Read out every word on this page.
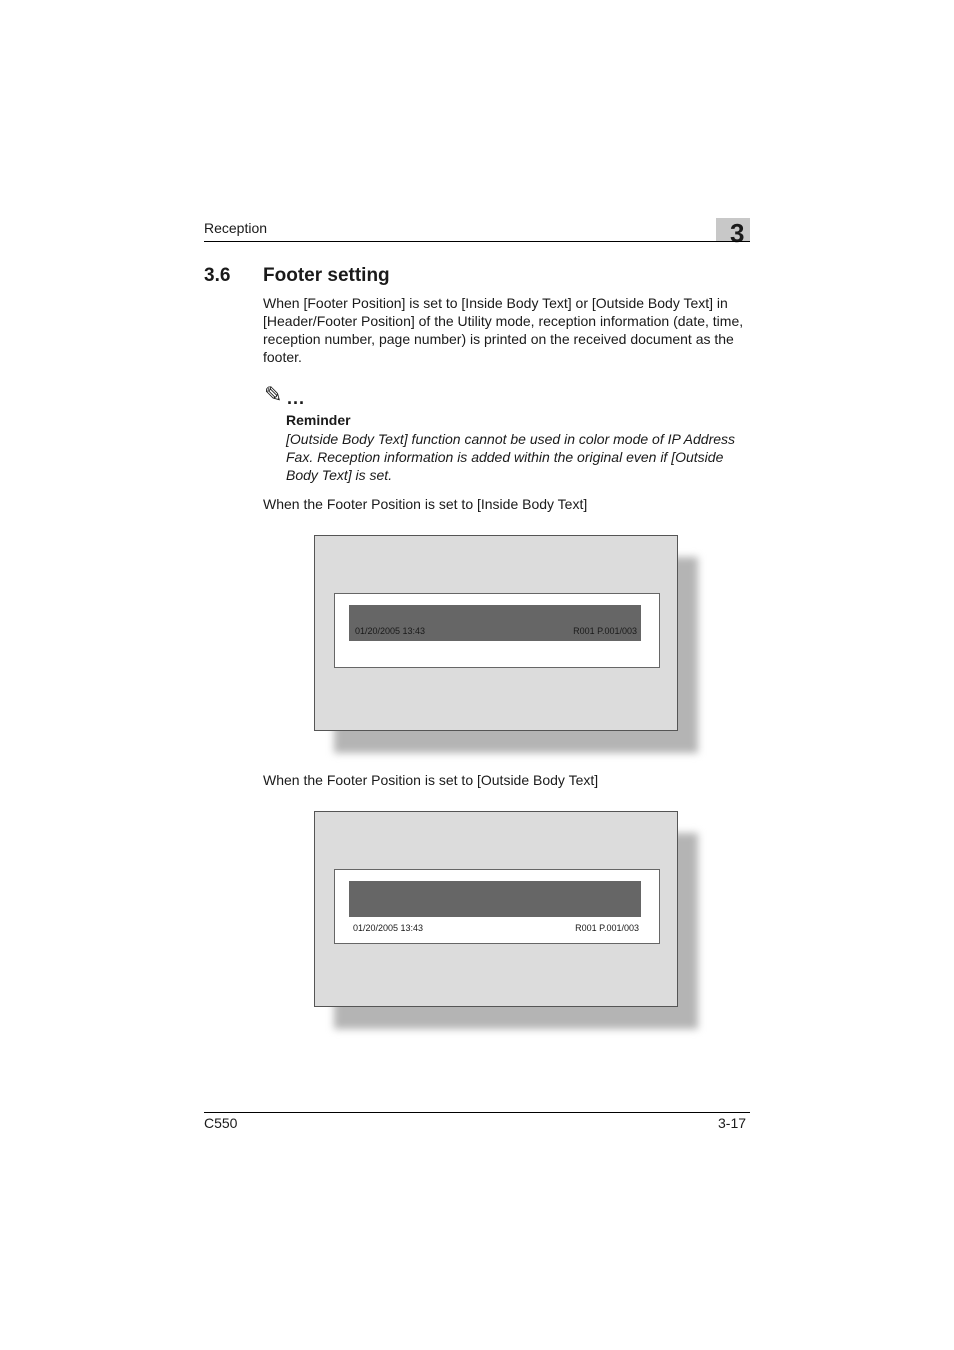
Reception	3
3.6 Footer setting

When [Footer Position] is set to [Inside Body Text] or [Outside Body Text] in [Header/Footer Position] of the Utility mode, reception information (date, time, reception number, page number) is printed on the received document as the footer.

✎ ...
Reminder

[Outside Body Text] function cannot be used in color mode of IP Address Fax. Reception information is added within the original even if [Outside Body Text] is set.

When the Footer Position is set to [Inside Body Text]
01/20/2005 13:43	R001 P.001/003
When the Footer Position is set to [Outside Body Text]
01/20/2005 13:43	R001 P.001/003
C550	3-17
